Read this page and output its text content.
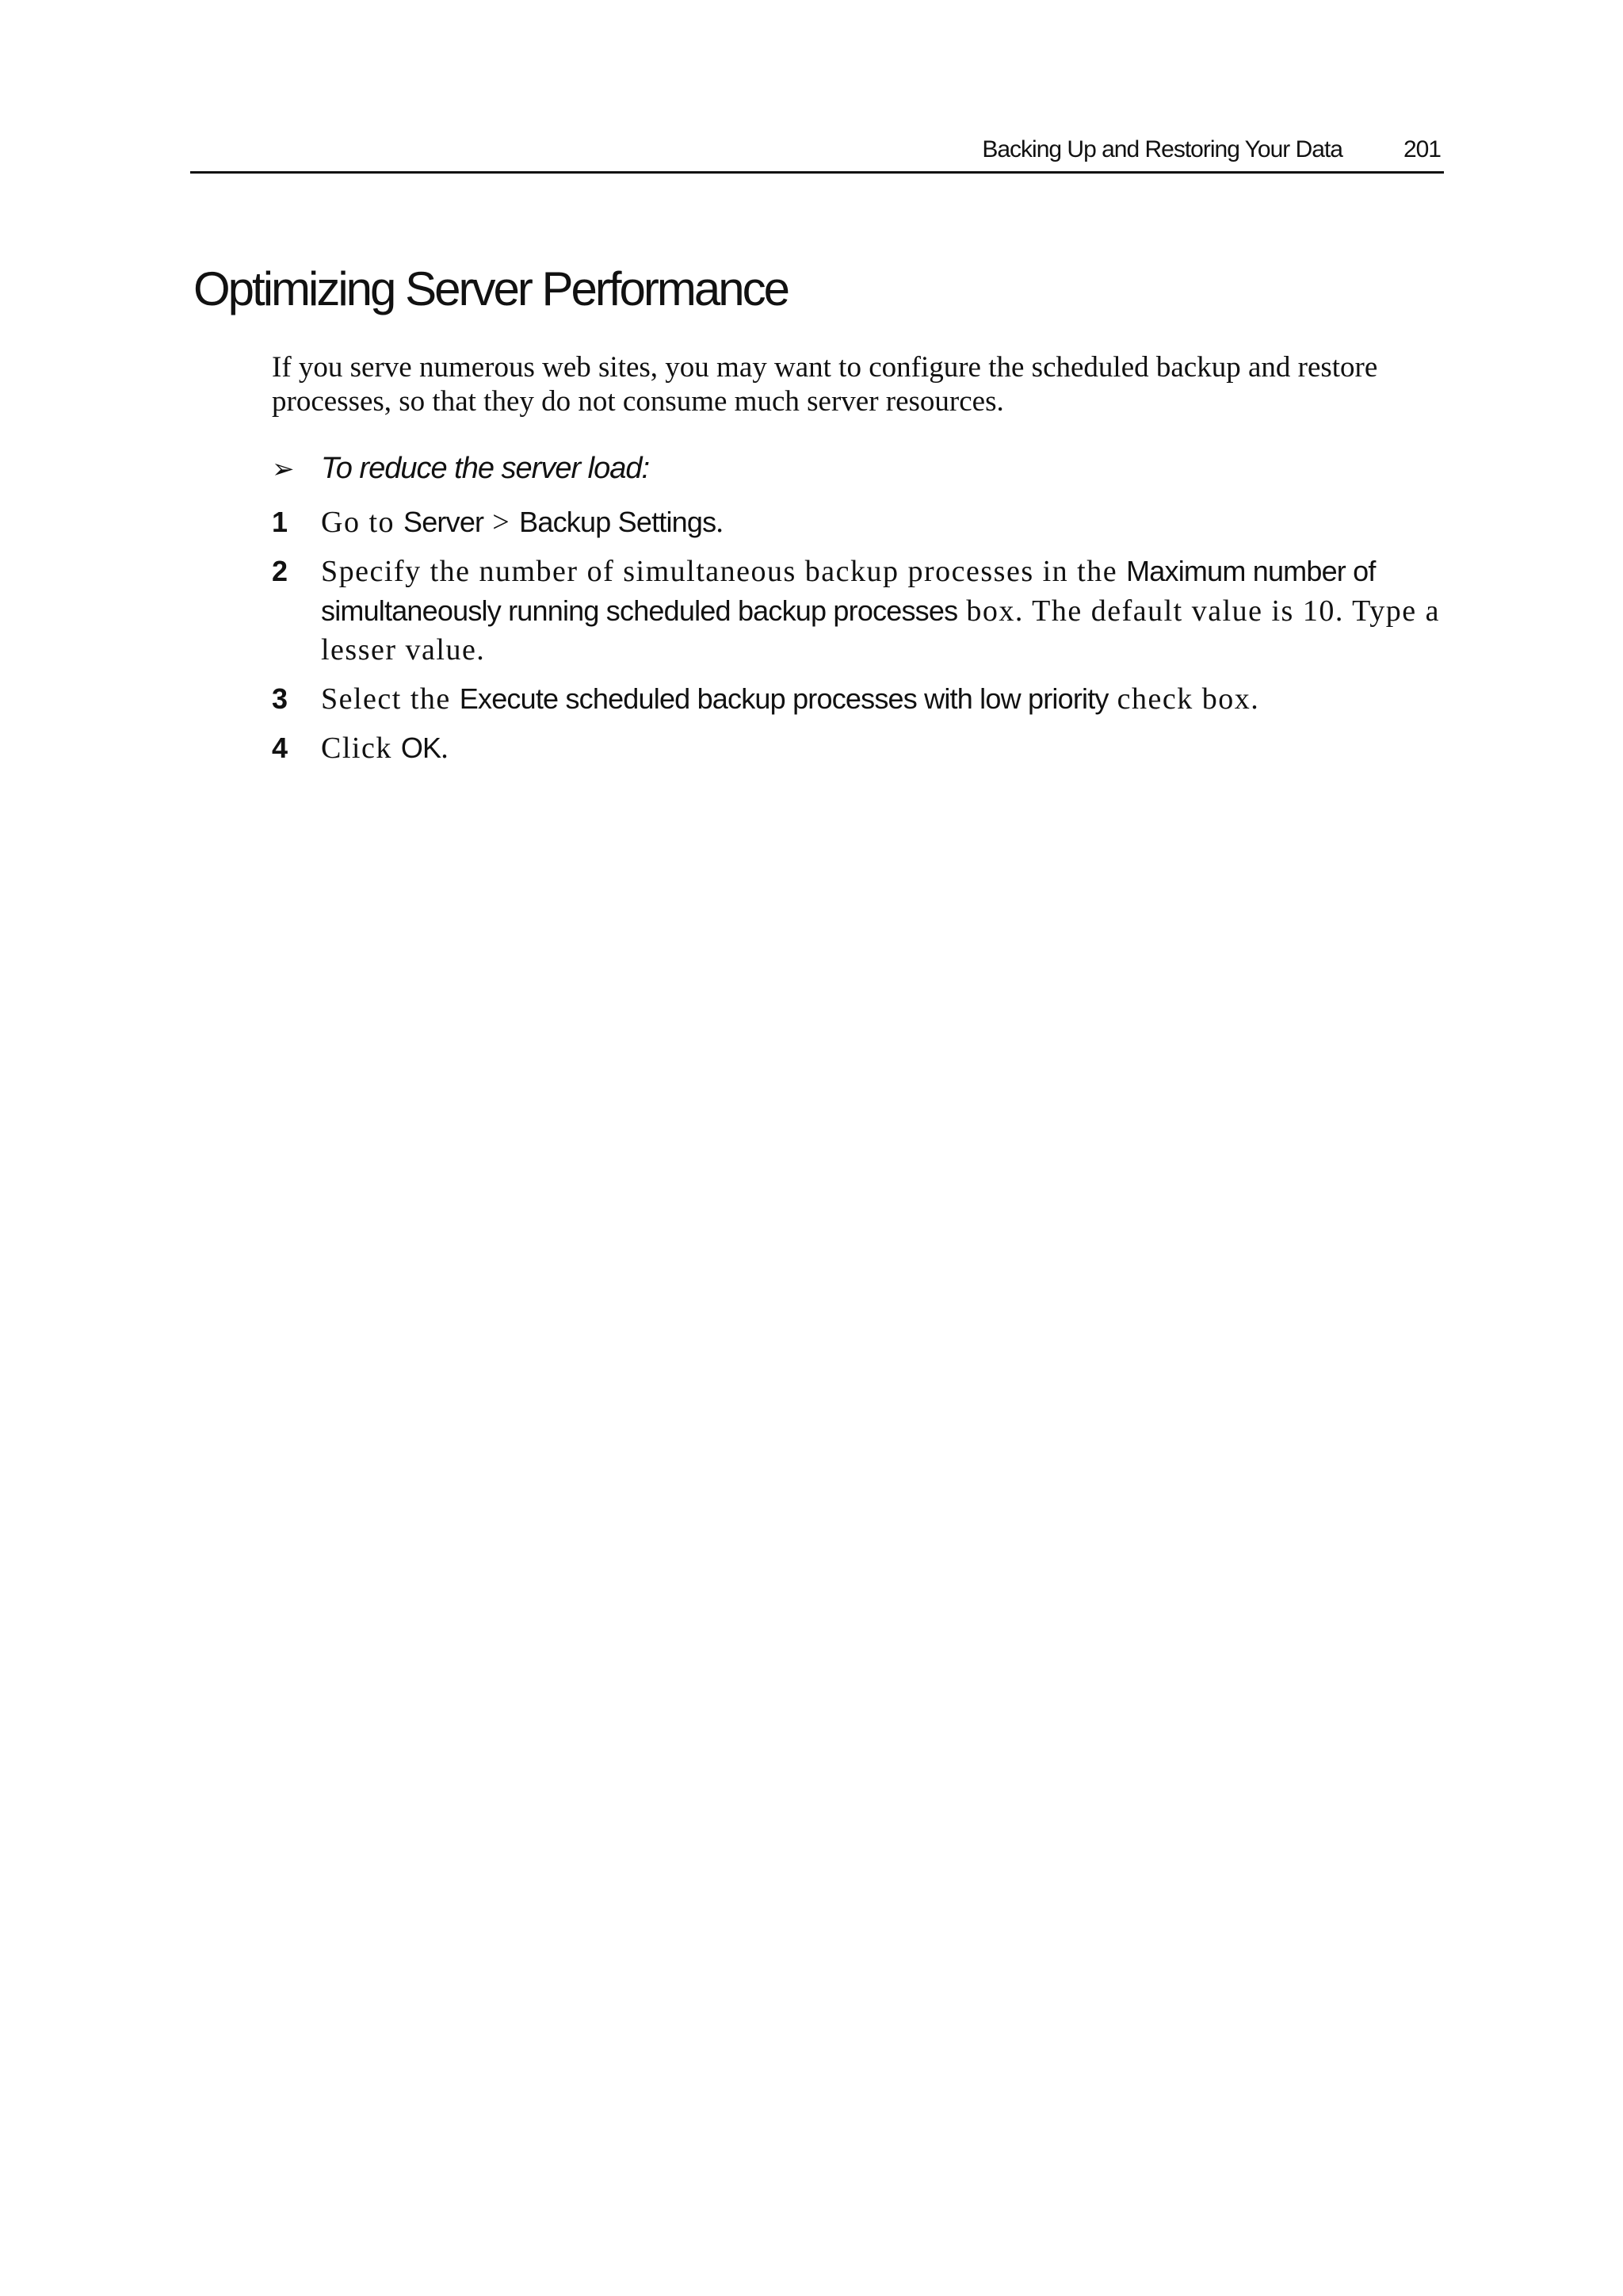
Backing Up and Restoring Your Data	201
Optimizing Server Performance

If you serve numerous web sites, you may want to configure the scheduled backup and restore processes, so that they do not consume much server resources.

➢ To reduce the server load:
1 Go to Server > Backup Settings.
2 Specify the number of simultaneous backup processes in the Maximum number of simultaneously running scheduled backup processes box. The default value is 10. Type a lesser value.
3 Select the Execute scheduled backup processes with low priority check box.
4 Click OK.
